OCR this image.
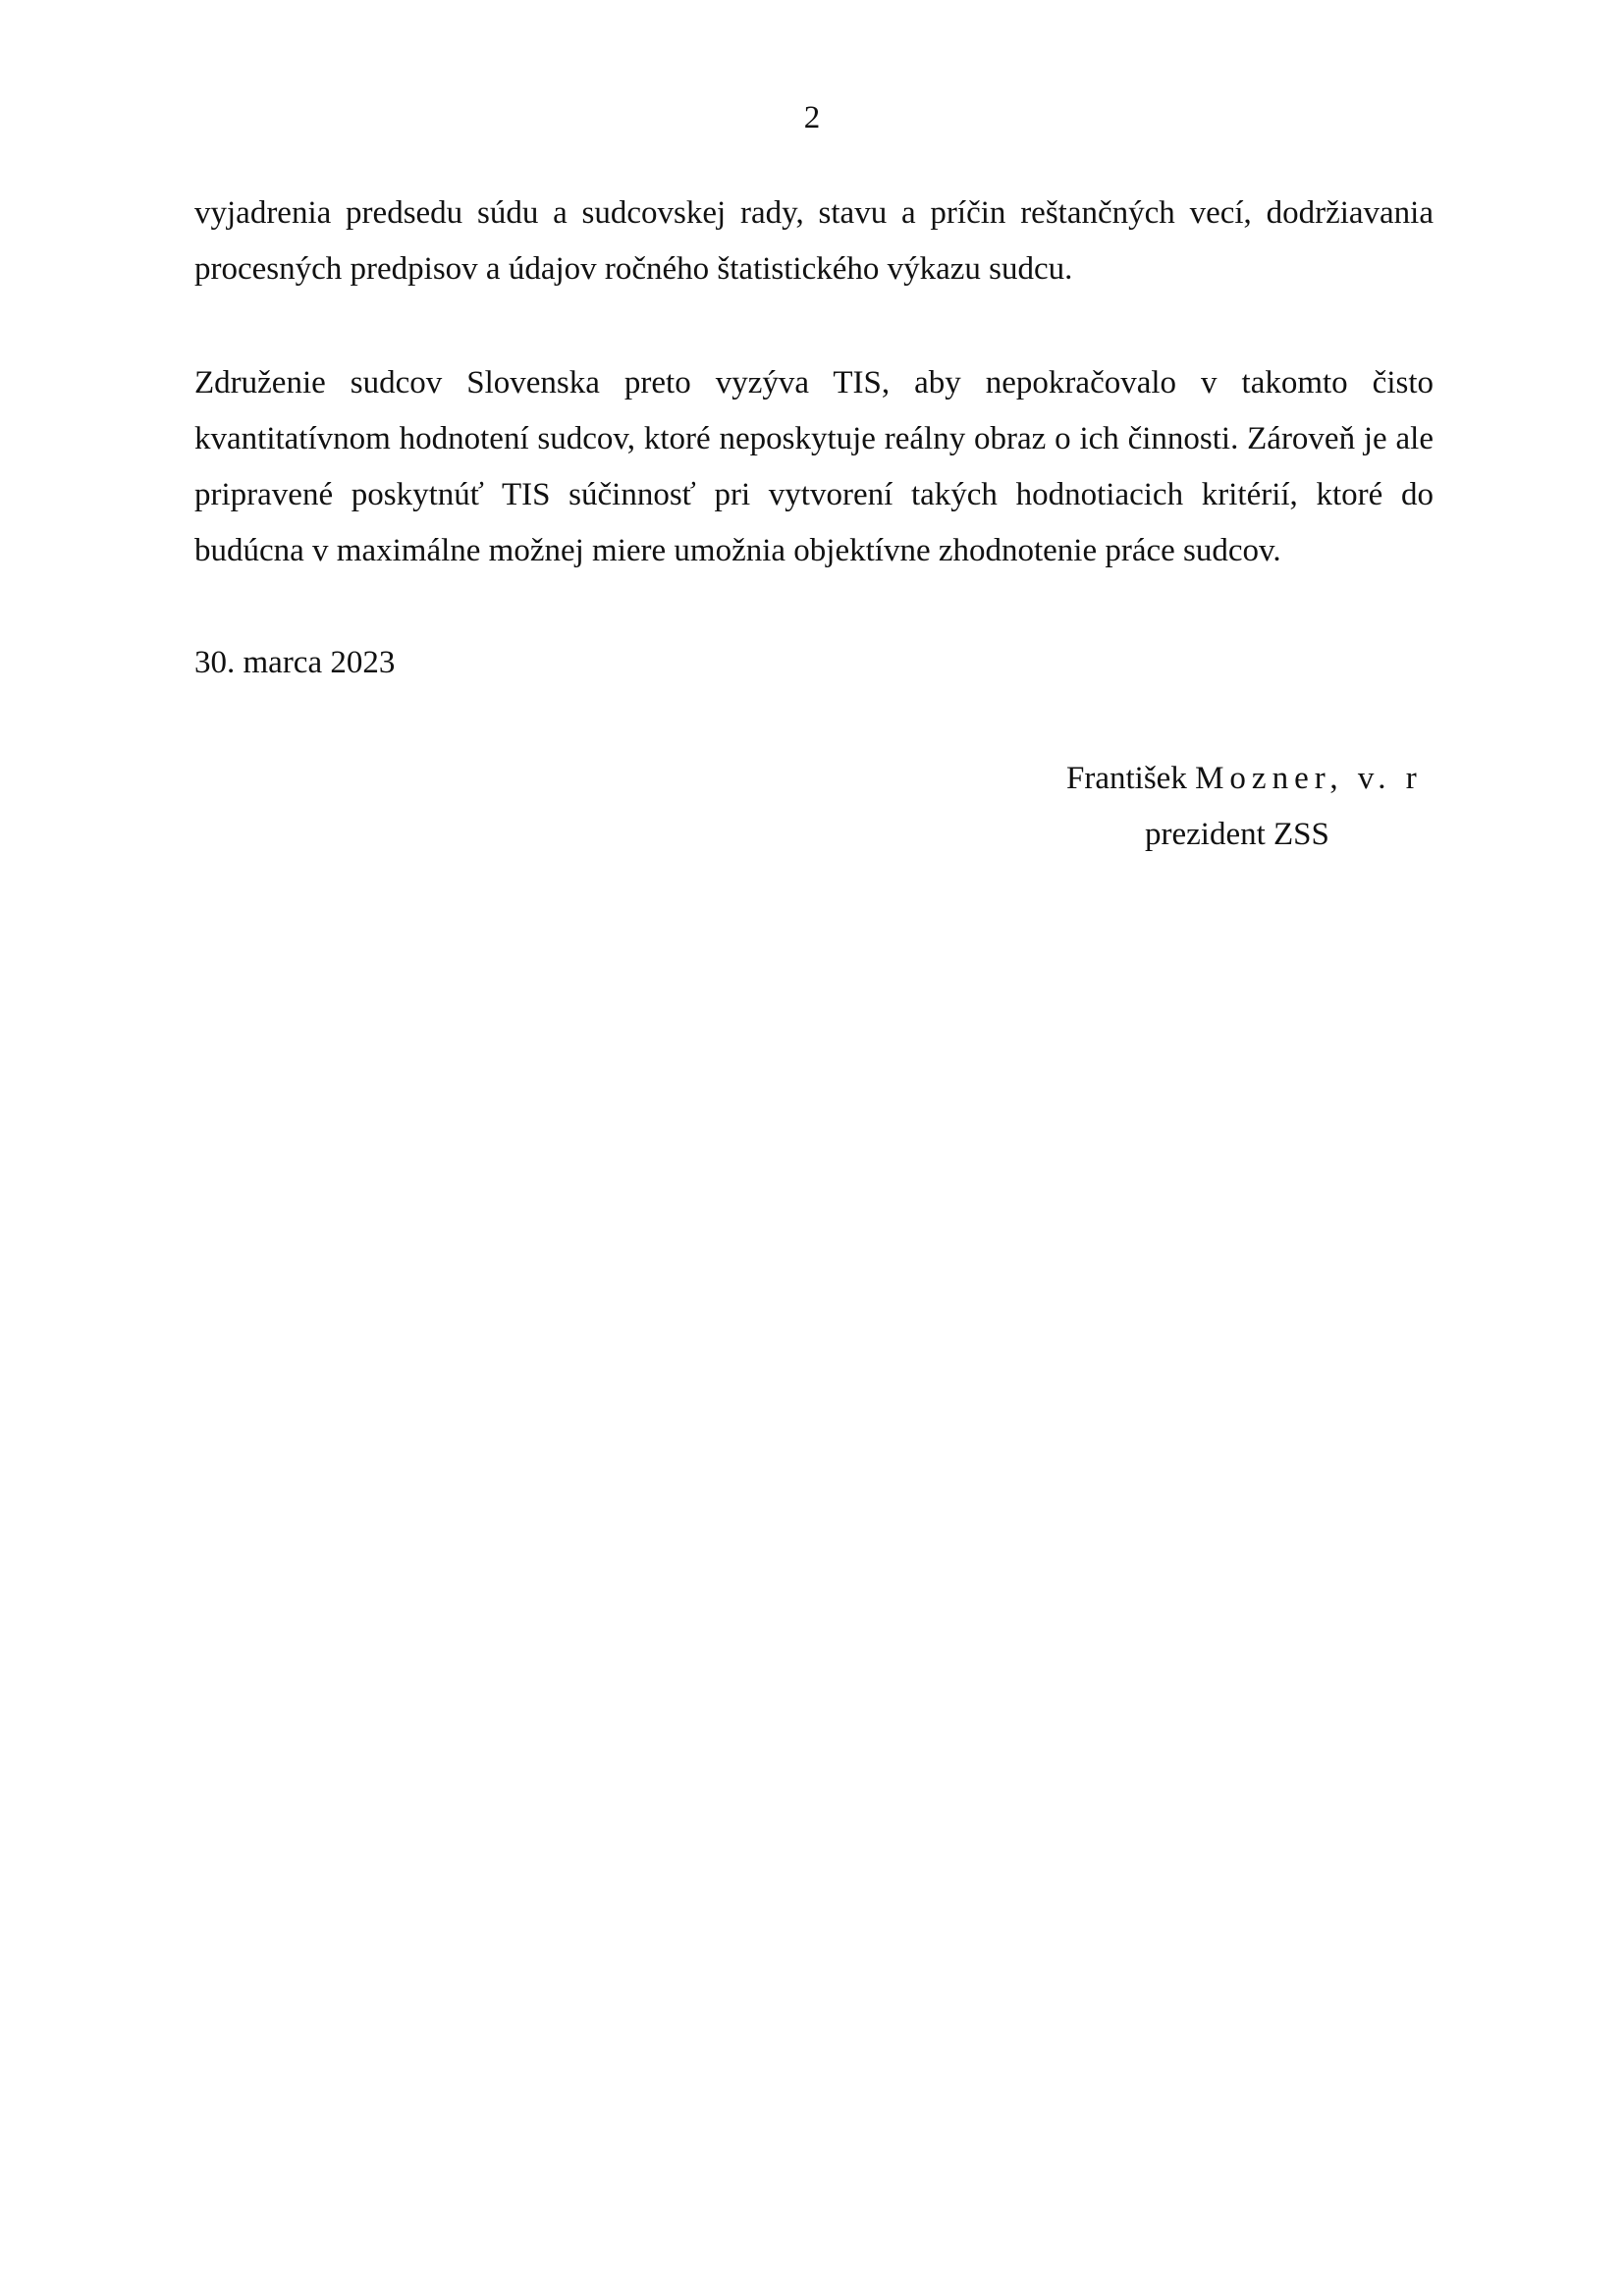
2

vyjadrenia predsedu súdu a sudcovskej rady, stavu a príčin reštančných vecí, dodržiavania procesných predpisov a údajov ročného štatistického výkazu sudcu.

Združenie sudcov Slovenska preto vyzýva TIS, aby nepokračovalo v takomto čisto kvantitatívnom hodnotení sudcov, ktoré neposkytuje reálny obraz o ich činnosti. Zároveň je ale pripravené poskytnúť TIS súčinnosť pri vytvorení takých hodnotiacich kritérií, ktoré do budúcna v maximálne možnej miere umožnia objektívne zhodnotenie práce sudcov.

30. marca 2023
František Mozner, v. r
prezident ZSS
